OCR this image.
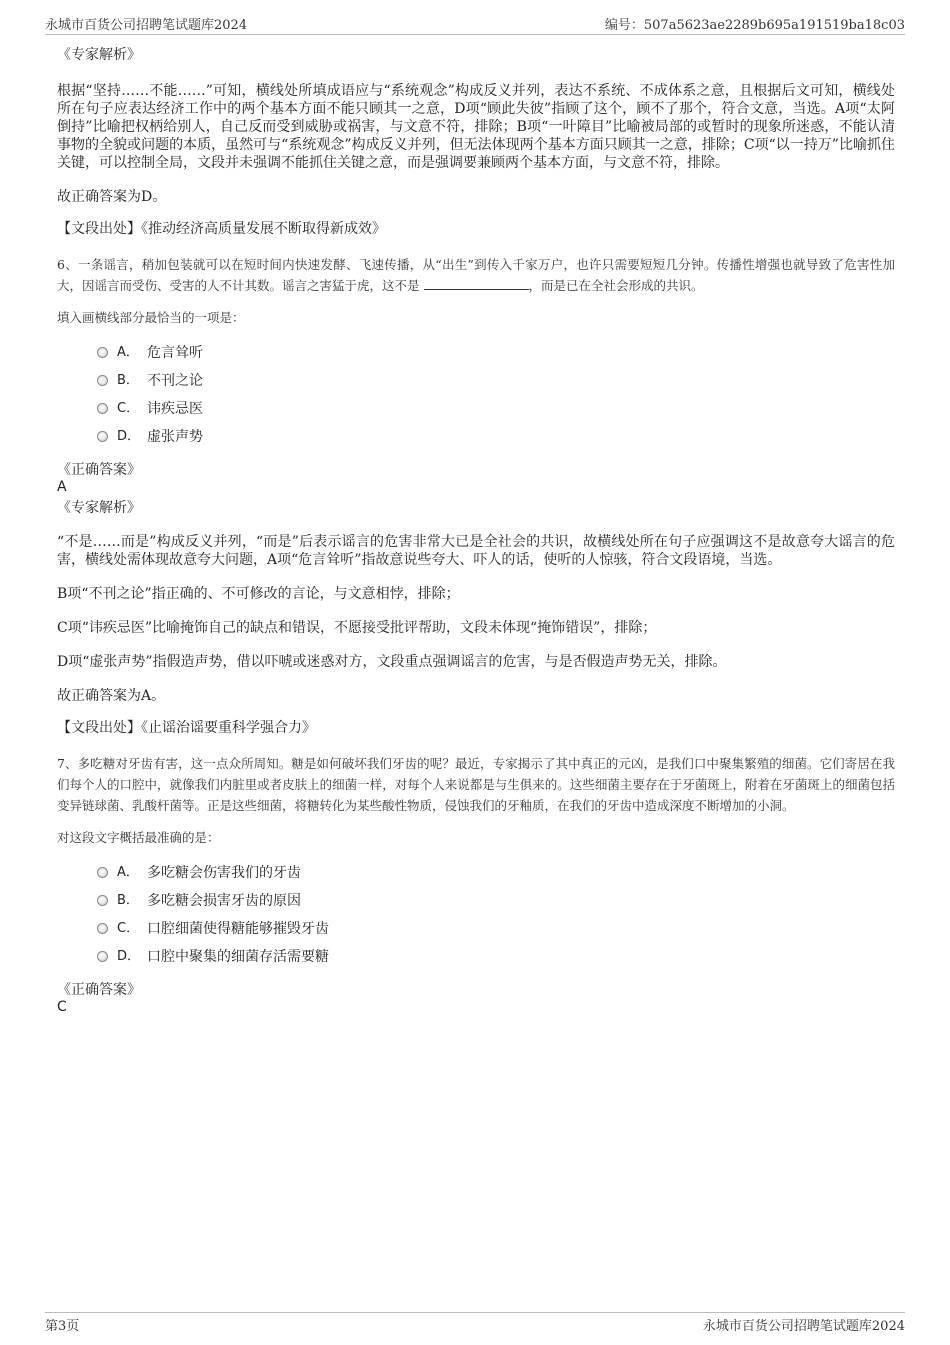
永城市百货公司招聘笔试题库2024	编号：507a5623ae2289b695a191519ba18c03

《专家解析》

根据“坚持……不能……”可知，横线处所填成语应与“系统观念”构成反义并列，表达不系统、不成体系之意，且根据后文可知，横线处所在句子应表达经济工作中的两个基本方面不能只顾其一之意，D项“顾此失彼”指顾了这个，顾不了那个，符合文意，当选。A项“太阿倒持”比喻把权柄给别人，自己反而受到威胁或祸害，与文意不符，排除；B项“一叶障目”比喻被局部的或暂时的现象所迷惑，不能认清事物的全貌或问题的本质，虽然可与“系统观念”构成反义并列，但无法体现两个基本方面只顾其一之意，排除；C项“以一持万”比喻抓住关键，可以控制全局，文段并未强调不能抓住关键之意，而是强调要兼顾两个基本方面，与文意不符，排除。

故正确答案为D。

【文段出处】《推动经济高质量发展不断取得新成效》

6、一条谣言，稍加包装就可以在短时间内快速发酵、飞速传播，从“出生”到传入千家万户，也许只需要短短几分钟。传播性增强也就导致了危害性加大，因谣言而受伤、受害的人不计其数。谣言之害猛于虎，这不是	，而是已在全社会形成的共识。

填入画横线部分最恰当的一项是：

A． 危言耸听
B． 不刊之论
C． 讳疾忌医
D． 虚张声势

《正确答案》

A

《专家解析》

“不是……而是”构成反义并列，“而是”后表示谣言的危害非常大已是全社会的共识，故横线处所在句子应强调这不是故意夸大谣言的危害，横线处需体现故意夸大问题，A项“危言耸听”指故意说些夸大、吓人的话，使听的人惊骇，符合文段语境，当选。

B项“不刊之论”指正确的、不可修改的言论，与文意相悖，排除；

C项“讳疾忌医”比喻掩饰自己的缺点和错误，不愿接受批评帮助，文段未体现“掩饰错误”，排除；

D项“虚张声势”指假造声势，借以吓唬或迷惑对方，文段重点强调谣言的危害，与是否假造声势无关，排除。

故正确答案为A。

【文段出处】《止谣治谣要重科学强合力》

7、多吃糖对牙齿有害，这一点众所周知。糖是如何破坏我们牙齿的呢？最近，专家揭示了其中真正的元凶，是我们口中聚集繁殖的细菌。它们寄居在我们每个人的口腔中，就像我们内脏里或者皮肤上的细菌一样，对每个人来说都是与生俱来的。这些细菌主要存在于牙菌斑上，附着在牙菌斑上的细菌包括变异链球菌、乳酸杆菌等。正是这些细菌，将糖转化为某些酸性物质，侵蚀我们的牙釉质，在我们的牙齿中造成深度不断增加的小洞。

对这段文字概括最准确的是：

A． 多吃糖会伤害我们的牙齿
B． 多吃糖会损害牙齿的原因
C． 口腔细菌使得糖能够摧毁牙齿
D． 口腔中聚集的细菌存活需要糖

《正确答案》

C

第3页	永城市百货公司招聘笔试题库2024
